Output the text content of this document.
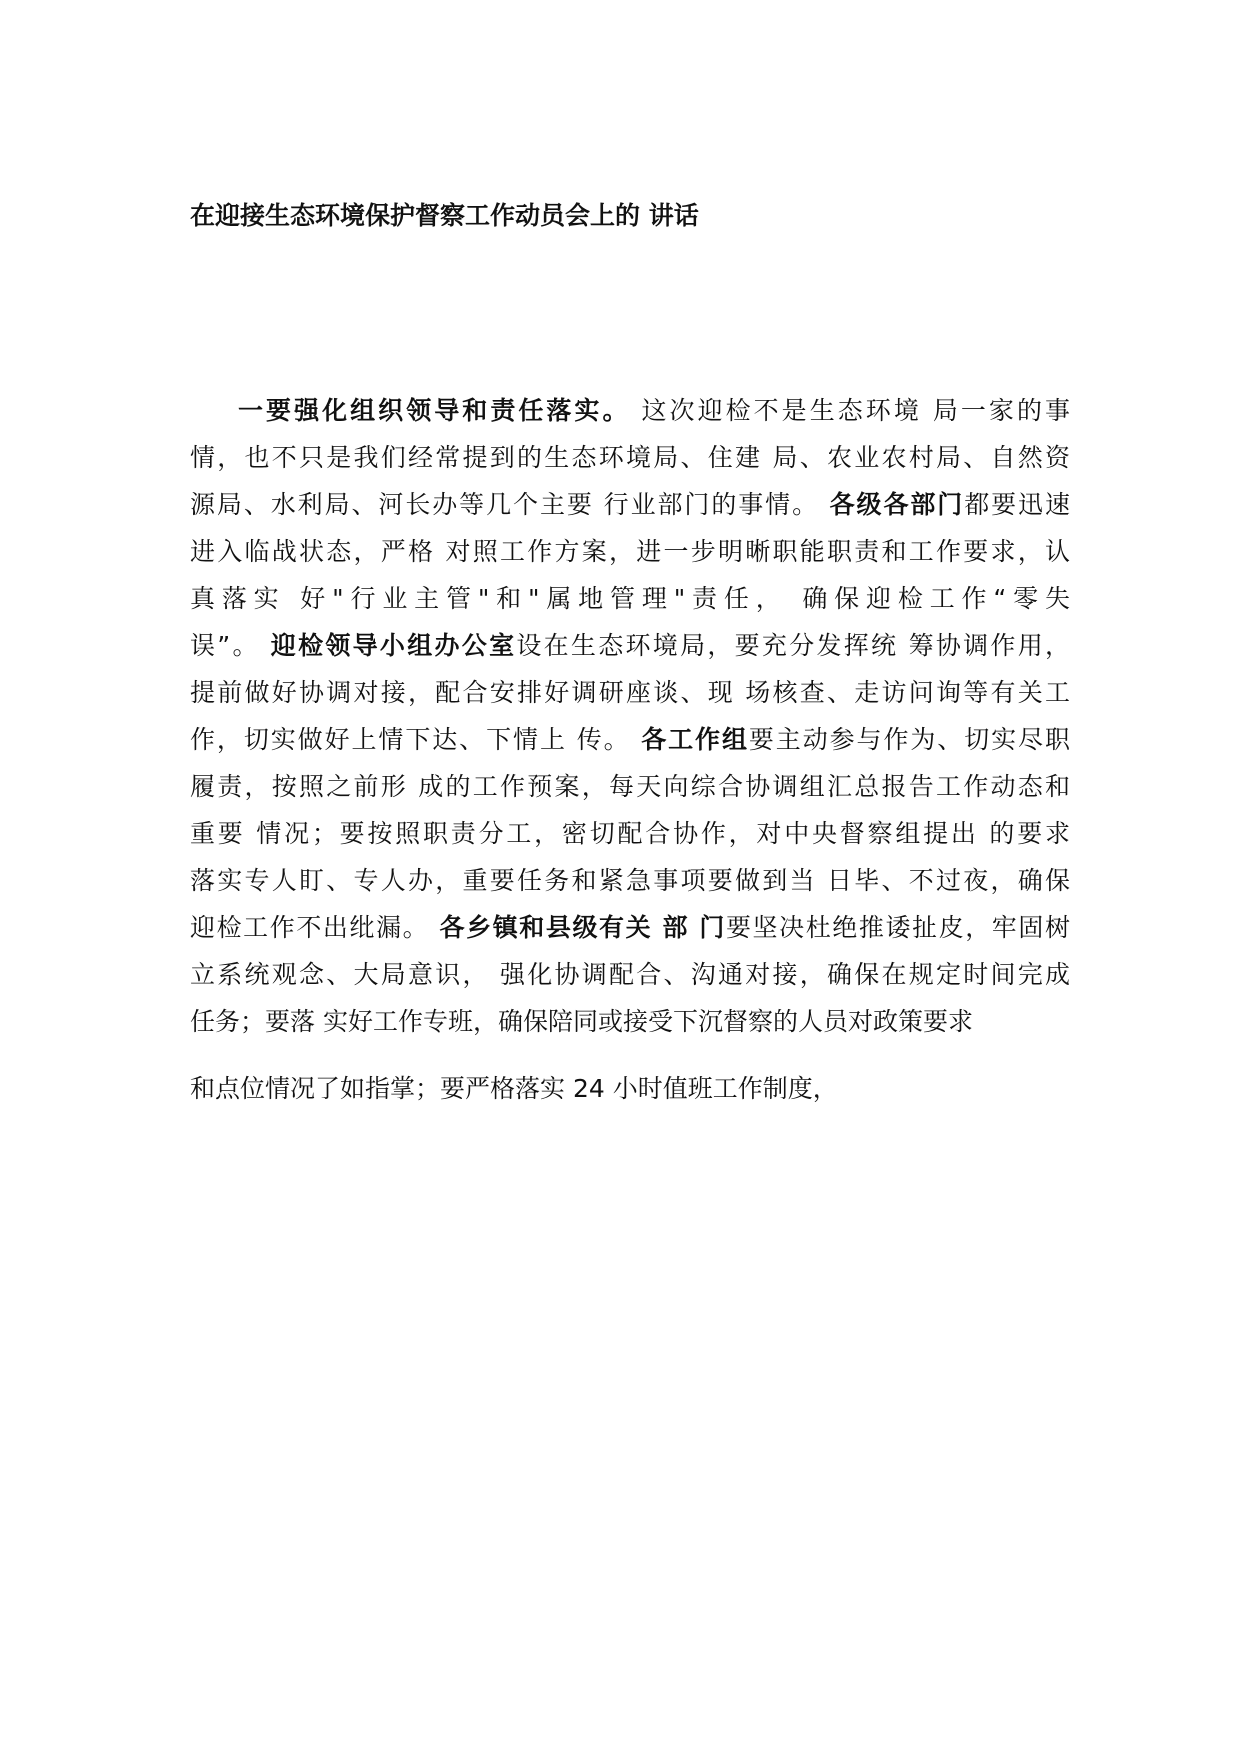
在迎接生态环境保护督察工作动员会上的 讲话
一要强化组织领导和责任落实。 这次迎检不是生态环境 局一家的事
情，也不只是我们经常提到的生态环境局、住建 局、农业农村局、自然资
源局、水利局、河长办等几个主要 行业部门的事情。 各级各部门都要迅速
进入临战状态，严格 对照工作方案，进一步明晰职能职责和工作要求，认
真落实 好"行业主管"和"属地管理"责任， 确保迎检工作“零失
误”。 迎检领导小组办公室设在生态环境局，要充分发挥统 筹协调作用，
提前做好协调对接，配合安排好调研座谈、现 场核查、走访问询等有关工
作，切实做好上情下达、下情上 传。 各工作组要主动参与作为、切实尽职
履责，按照之前形 成的工作预案，每天向综合协调组汇总报告工作动态和
重要 情况；要按照职责分工，密切配合协作，对中央督察组提出 的要求
落实专人盯、专人办，重要任务和紧急事项要做到当 日毕、不过夜，确保
迎检工作不出纰漏。 各乡镇和县级有关 部 门要坚决杜绝推诿扯皮，牢固树
立系统观念、大局意识， 强化协调配合、沟通对接，确保在规定时间完成
任务；要落 实好工作专班，确保陪同或接受下沉督察的人员对政策要求
和点位情况了如指掌；要严格落实 24 小时值班工作制度，
